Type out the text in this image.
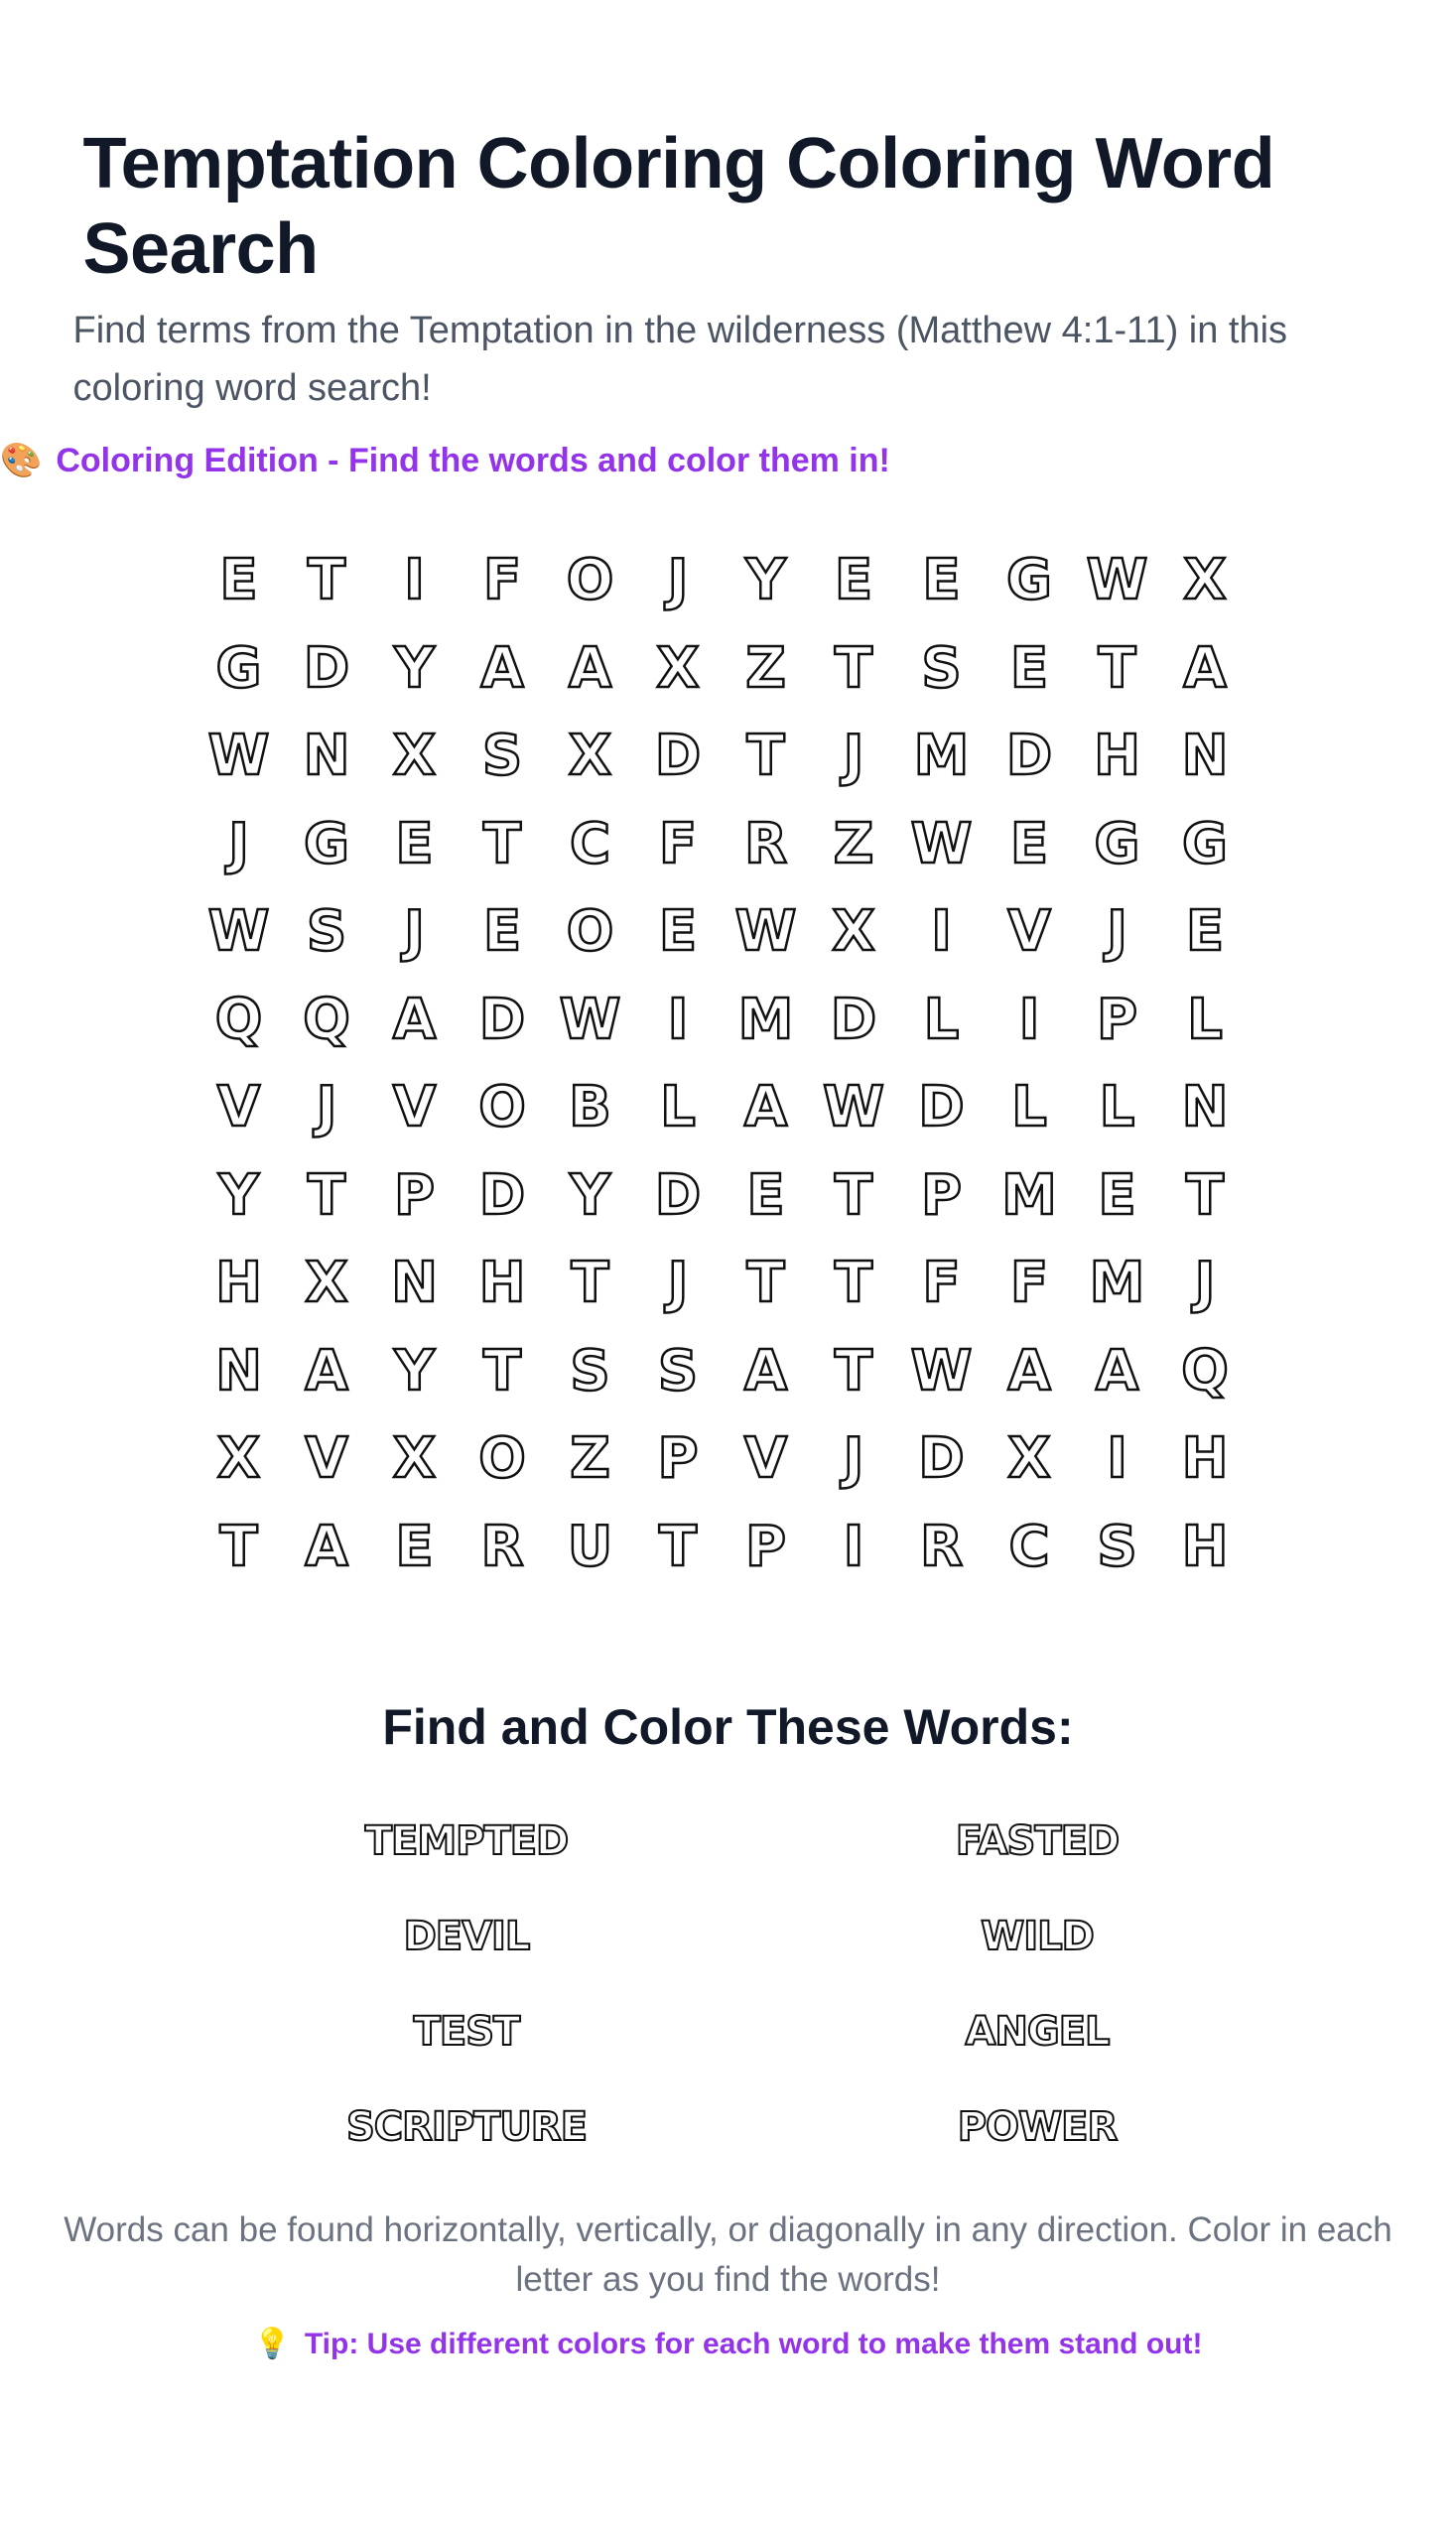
Temptation Coloring Coloring Word Search
Find terms from the Temptation in the wilderness (Matthew 4:1-11) in this coloring word search!
🎨 Coloring Edition - Find the words and color them in!
E T	I	F O J	Y E E G W X
G D Y A A X Z T S E T A
W N X S X D T	J M D H N
J G E T C F R Z W E G G
W S	J	E O E W X	I	V	J	E
Q Q A D W I M D L	I	P L
V	J	V O B L A W D L L N
Y T P D Y D E T P M E T
H X N H T	J	T T F F M J
N A Y T S S A T W A A Q
X V X O Z P V	J D X	I H
T A E R U T P	I	R C S H
Find and Color These Words:
TEMPTED	FASTED
DEVIL	WILD
TEST	ANGEL
SCRIPTURE	POWER
Words can be found horizontally, vertically, or diagonally in any direction. Color in each letter as you find the words!
💡 Tip: Use different colors for each word to make them stand out!
